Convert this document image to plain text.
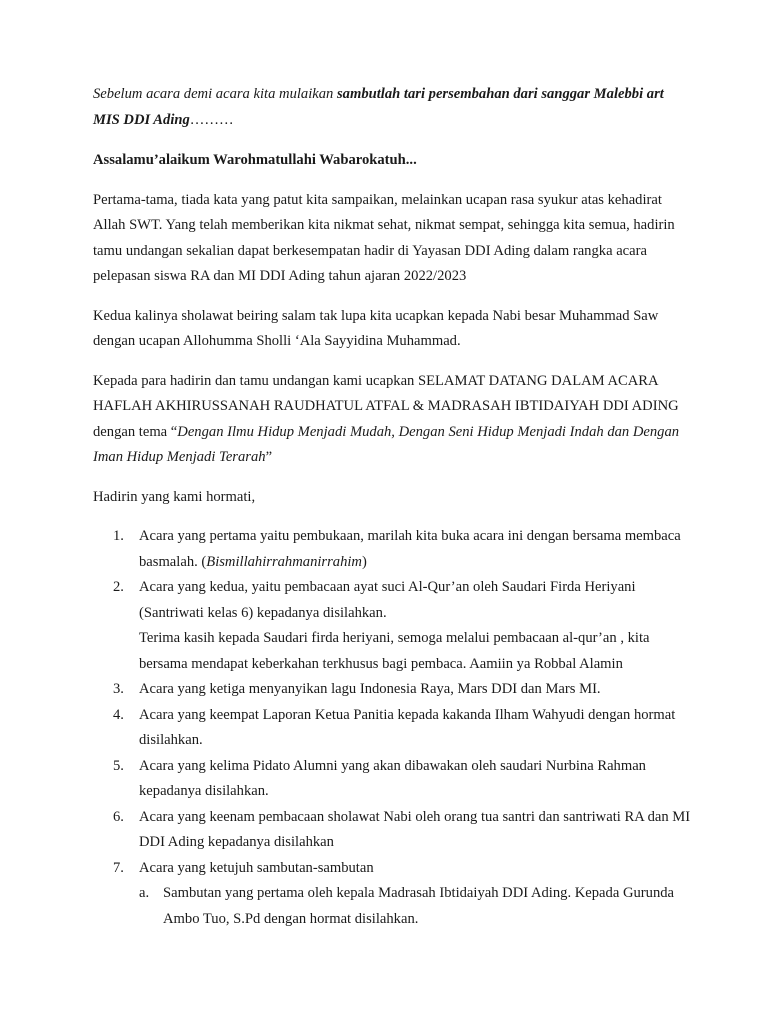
Sebelum acara demi acara kita mulaikan sambutlah tari persembahan dari sanggar Malebbi art MIS DDI Ading………

Assalamu’alaikum Warohmatullahi Wabarokatuh...

Pertama-tama, tiada kata yang patut kita sampaikan, melainkan ucapan rasa syukur atas kehadirat Allah SWT. Yang telah memberikan kita nikmat sehat, nikmat sempat, sehingga kita semua, hadirin tamu undangan sekalian dapat berkesempatan hadir di Yayasan DDI Ading dalam rangka acara pelepasan siswa RA dan MI DDI Ading tahun ajaran 2022/2023

Kedua kalinya sholawat beiring salam tak lupa kita ucapkan kepada Nabi besar Muhammad Saw dengan ucapan Allohumma Sholli ‘Ala Sayyidina Muhammad.

Kepada para hadirin dan tamu undangan kami ucapkan SELAMAT DATANG DALAM ACARA HAFLAH AKHIRUSSANAH RAUDHATUL ATFAL & MADRASAH IBTIDAIYAH DDI ADING dengan tema “Dengan Ilmu Hidup Menjadi Mudah, Dengan Seni Hidup Menjadi Indah dan Dengan Iman Hidup Menjadi Terarah”

Hadirin yang kami hormati,

1. Acara yang pertama yaitu pembukaan, marilah kita buka acara ini dengan bersama membaca basmalah. (Bismillahirrahmanirrahim)
2. Acara yang kedua, yaitu pembacaan ayat suci Al-Qur’an oleh Saudari Firda Heriyani (Santriwati kelas 6) kepadanya disilahkan.
Terima kasih kepada Saudari firda heriyani, semoga melalui pembacaan al-qur’an , kita bersama mendapat keberkahan terkhusus bagi pembaca. Aamiin ya Robbal Alamin
3. Acara yang ketiga menyanyikan lagu Indonesia Raya, Mars DDI dan Mars MI.
4. Acara yang keempat Laporan Ketua Panitia kepada kakanda Ilham Wahyudi dengan hormat disilahkan.
5. Acara yang kelima Pidato Alumni yang akan dibawakan oleh saudari Nurbina Rahman kepadanya disilahkan.
6. Acara yang keenam pembacaan sholawat Nabi oleh orang tua santri dan santriwati RA dan MI DDI Ading kepadanya disilahkan
7. Acara yang ketujuh sambutan-sambutan
a. Sambutan yang pertama oleh kepala Madrasah Ibtidaiyah DDI Ading. Kepada Gurunda Ambo Tuo, S.Pd dengan hormat disilahkan.
